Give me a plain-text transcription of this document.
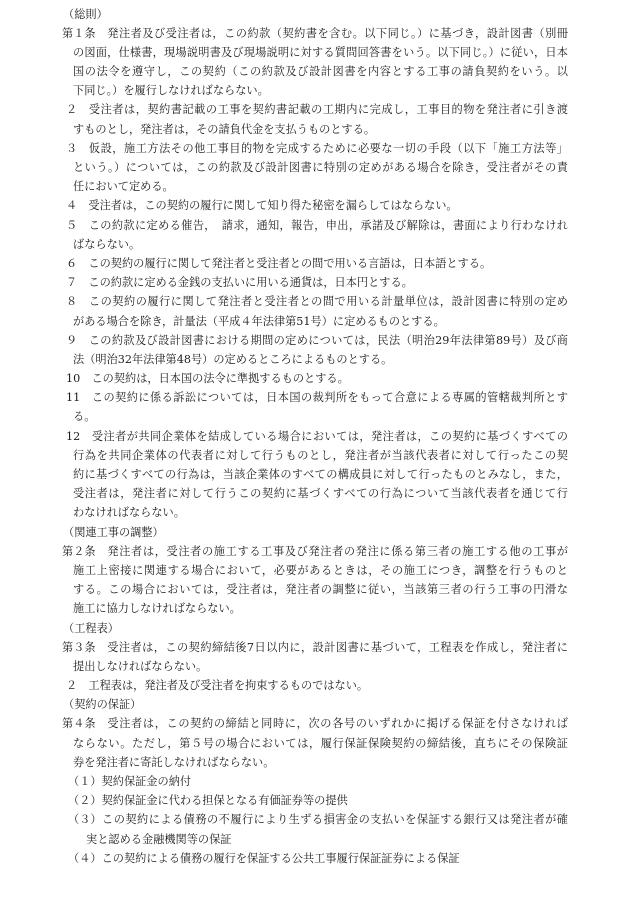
（総則）
第１条 発注者及び受注者は，この約款（契約書を含む。以下同じ。）に基づき，設計図書（別冊
の図面，仕様書，現場説明書及び現場説明に対する質問回答書をいう。以下同じ。）に従い，日本
国の法令を遵守し，この契約（この約款及び設計図書を内容とする工事の請負契約をいう。以
下同じ。）を履行しなければならない。
２ 受注者は，契約書記載の工事を契約書記載の工期内に完成し，工事目的物を発注者に引き渡
すものとし，発注者は，その請負代金を支払うものとする。
３ 仮設，施工方法その他工事目的物を完成するために必要な一切の手段（以下「施工方法等」
という。）については，この約款及び設計図書に特別の定めがある場合を除き，受注者がその責
任において定める。
４ 受注者は，この契約の履行に関して知り得た秘密を漏らしてはならない。
５ この約款に定める催告，　請求，通知，報告，申出，承諾及び解除は，書面により行わなけれ
ばならない。
６ この契約の履行に関して発注者と受注者との間で用いる言語は，日本語とする。
７ この約款に定める金銭の支払いに用いる通貨は，日本円とする。
８ この契約の履行に関して発注者と受注者との間で用いる計量単位は，設計図書に特別の定め
がある場合を除き，計量法（平成４年法律第51号）に定めるものとする。
９ この約款及び設計図書における期間の定めについては，民法（明治29年法律第89号）及び商
法（明治32年法律第48号）の定めるところによるものとする。
10 この契約は，日本国の法令に準拠するものとする。
11 この契約に係る訴訟については，日本国の裁判所をもって合意による専属的管轄裁判所とす
る。
12 受注者が共同企業体を結成している場合においては，発注者は，この契約に基づくすべての
行為を共同企業体の代表者に対して行うものとし，発注者が当該代表者に対して行ったこの契
約に基づくすべての行為は，当該企業体のすべての構成員に対して行ったものとみなし，また，
受注者は，発注者に対して行うこの契約に基づくすべての行為について当該代表者を通じて行
わなければならない。
（関連工事の調整）
第２条 発注者は，受注者の施工する工事及び発注者の発注に係る第三者の施工する他の工事が
施工上密接に関連する場合において，必要があるときは，その施工につき，調整を行うものと
する。この場合においては，受注者は，発注者の調整に従い，当該第三者の行う工事の円滑な
施工に協力しなければならない。
（工程表）
第３条 受注者は，この契約締結後7日以内に，設計図書に基づいて，工程表を作成し，発注者に
提出しなければならない。
２ 工程表は，発注者及び受注者を拘束するものではない。
（契約の保証）
第４条 受注者は，この契約の締結と同時に，次の各号のいずれかに掲げる保証を付さなければ
ならない。ただし，第５号の場合においては，履行保証保険契約の締結後，直ちにその保険証
券を発注者に寄託しなければならない。
（１）契約保証金の納付
（２）契約保証金に代わる担保となる有価証券等の提供
（３）この契約による債務の不履行により生ずる損害金の支払いを保証する銀行又は発注者が確
実と認める金融機関等の保証
（４）この契約による債務の履行を保証する公共工事履行保証証券による保証
